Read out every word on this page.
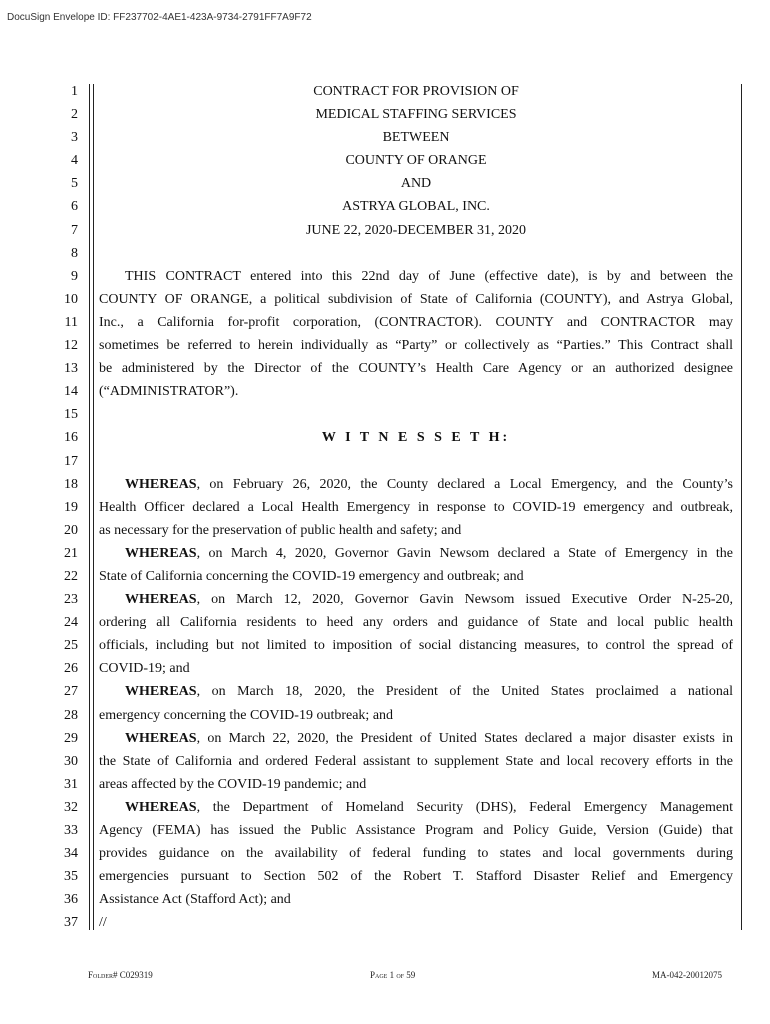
DocuSign Envelope ID: FF237702-4AE1-423A-9734-2791FF7A9F72
1
2
3
4
5
6
7
8
9
10
11
12
13
14
15
16
17
18
19
20
21
22
23
24
25
26
27
28
29
30
31
32
33
34
35
36
37
CONTRACT FOR PROVISION OF
MEDICAL STAFFING SERVICES
BETWEEN
COUNTY OF ORANGE
AND
ASTRYA GLOBAL, INC.
JUNE 22, 2020-DECEMBER 31, 2020
THIS CONTRACT entered into this 22nd day of June (effective date), is by and between the
COUNTY OF ORANGE, a political subdivision of State of California (COUNTY), and Astrya Global,
Inc., a California for-profit corporation, (CONTRACTOR). COUNTY and CONTRACTOR may
sometimes be referred to herein individually as “Party” or collectively as “Parties.” This Contract shall
be administered by the Director of the COUNTY’s Health Care Agency or an authorized designee
(“ADMINISTRATOR”).
W I T N E S S E T H:
WHEREAS, on February 26, 2020, the County declared a Local Emergency, and the County’s
Health Officer declared a Local Health Emergency in response to COVID-19 emergency and outbreak,
as necessary for the preservation of public health and safety; and
WHEREAS, on March 4, 2020, Governor Gavin Newsom declared a State of Emergency in the
State of California concerning the COVID-19 emergency and outbreak; and
WHEREAS, on March 12, 2020, Governor Gavin Newsom issued Executive Order N-25-20,
ordering all California residents to heed any orders and guidance of State and local public health
officials, including but not limited to imposition of social distancing measures, to control the spread of
COVID-19; and
WHEREAS, on March 18, 2020, the President of the United States proclaimed a national
emergency concerning the COVID-19 outbreak; and
WHEREAS, on March 22, 2020, the President of United States declared a major disaster exists in
the State of California and ordered Federal assistant to supplement State and local recovery efforts in the
areas affected by the COVID-19 pandemic; and
WHEREAS, the Department of Homeland Security (DHS), Federal Emergency Management
Agency (FEMA) has issued the Public Assistance Program and Policy Guide, Version (Guide) that
provides guidance on the availability of federal funding to states and local governments during
emergencies pursuant to Section 502 of the Robert T. Stafford Disaster Relief and Emergency
Assistance Act (Stafford Act); and
//
Folder# C029319	Page 1 of 59	MA-042-20012075
